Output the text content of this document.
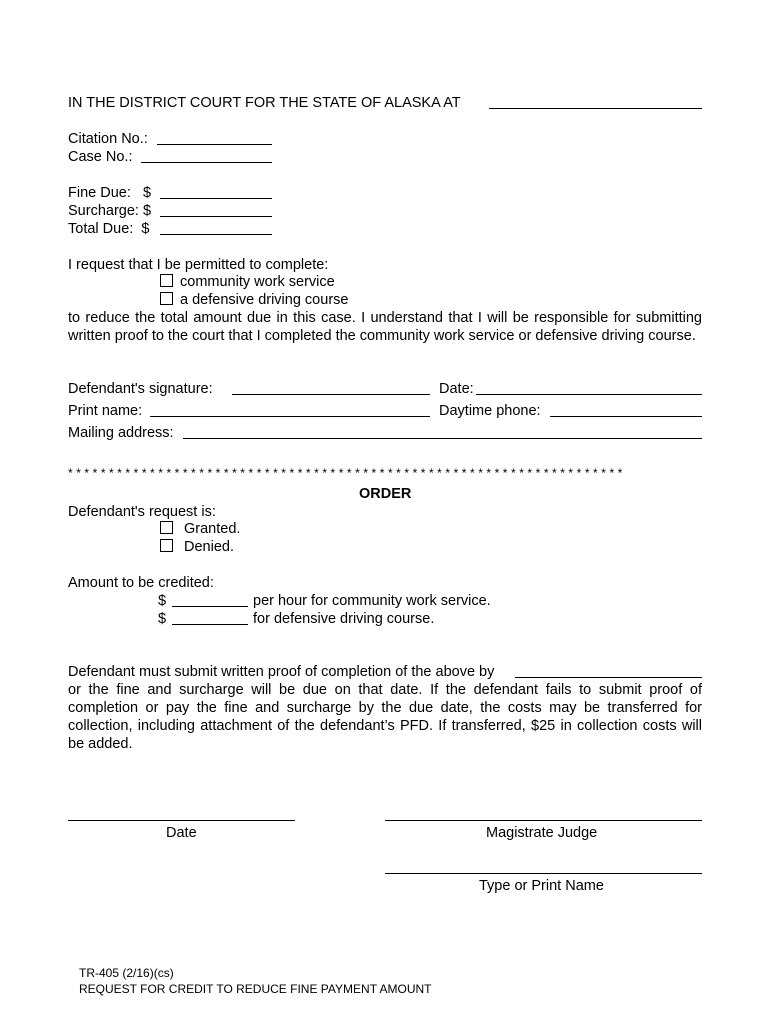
IN THE DISTRICT COURT FOR THE STATE OF ALASKA AT
Citation No.:
Case No.:
Fine Due:   $
Surcharge: $
Total Due:  $
I request that I be permitted to complete:
community work service
a defensive driving course
to reduce the total amount due in this case. I understand that I will be responsible for submitting written proof to the court that I completed the community work service or defensive driving course.
Defendant's signature:	Date:
Print name:	Daytime phone:
Mailing address:
* * * * * * * * * * * * * * * * * * * * * * * * * * * * * * * * * * * * * * * * * * * * * * * * * * * * * * * * * * * * * * * * * * * *
ORDER
Defendant's request is:
Granted.
Denied.
Amount to be credited:
$	per hour for community work service.
$	for defensive driving course.
Defendant must submit written proof of completion of the above by
or the fine and surcharge will be due on that date. If the defendant fails to submit proof of completion or pay the fine and surcharge by the due date, the costs may be transferred for collection, including attachment of the defendant’s PFD. If transferred, $25 in collection costs will be added.
Date	Magistrate Judge
Type or Print Name
TR-405 (2/16)(cs)
REQUEST FOR CREDIT TO REDUCE FINE PAYMENT AMOUNT
